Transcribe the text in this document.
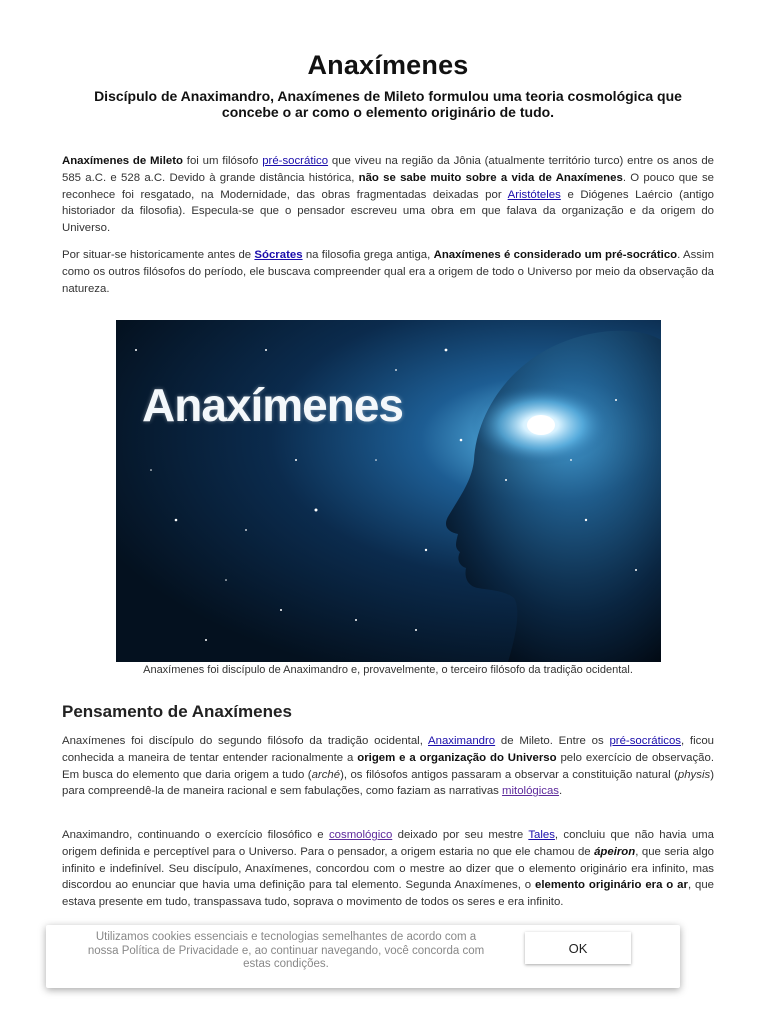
Anaxímenes
Discípulo de Anaximandro, Anaxímenes de Mileto formulou uma teoria cosmológica que concebe o ar como o elemento originário de tudo.

Anaxímenes de Mileto foi um filósofo pré-socrático que viveu na região da Jônia (atualmente território turco) entre os anos de 585 a.C. e 528 a.C. Devido à grande distância histórica, não se sabe muito sobre a vida de Anaxímenes. O pouco que se reconhece foi resgatado, na Modernidade, das obras fragmentadas deixadas por Aristóteles e Diógenes Laércio (antigo historiador da filosofia). Especula-se que o pensador escreveu uma obra em que falava da organização e da origem do Universo.

Por situar-se historicamente antes de Sócrates na filosofia grega antiga, Anaxímenes é considerado um pré-socrático. Assim como os outros filósofos do período, ele buscava compreender qual era a origem de todo o Universo por meio da observação da natureza.

Anaxímenes
Anaxímenes foi discípulo de Anaximandro e, provavelmente, o terceiro filósofo da tradição ocidental.
Pensamento de Anaxímenes

Anaxímenes foi discípulo do segundo filósofo da tradição ocidental, Anaximandro de Mileto. Entre os pré-socráticos, ficou conhecida a maneira de tentar entender racionalmente a origem e a organização do Universo pelo exercício de observação. Em busca do elemento que daria origem a tudo (arché), os filósofos antigos passaram a observar a constituição natural (physis) para compreendê-la de maneira racional e sem fabulações, como faziam as narrativas mitológicas.

Anaximandro, continuando o exercício filosófico e cosmológico deixado por seu mestre Tales, concluiu que não havia uma origem definida e perceptível para o Universo. Para o pensador, a origem estaria no que ele chamou de ápeiron, que seria algo infinito e indefinível. Seu discípulo, Anaxímenes, concordou com o mestre ao dizer que o elemento originário era infinito, mas discordou ao enunciar que havia uma definição para tal elemento. Segunda Anaxímenes, o elemento originário era o ar, que estava presente em tudo, transpassava tudo, soprava o movimento de todos os seres e era infinito.

Utilizamos cookies essenciais e tecnologias semelhantes de acordo com a nossa Política de Privacidade e, ao continuar navegando, você concorda com estas condições.
OK
